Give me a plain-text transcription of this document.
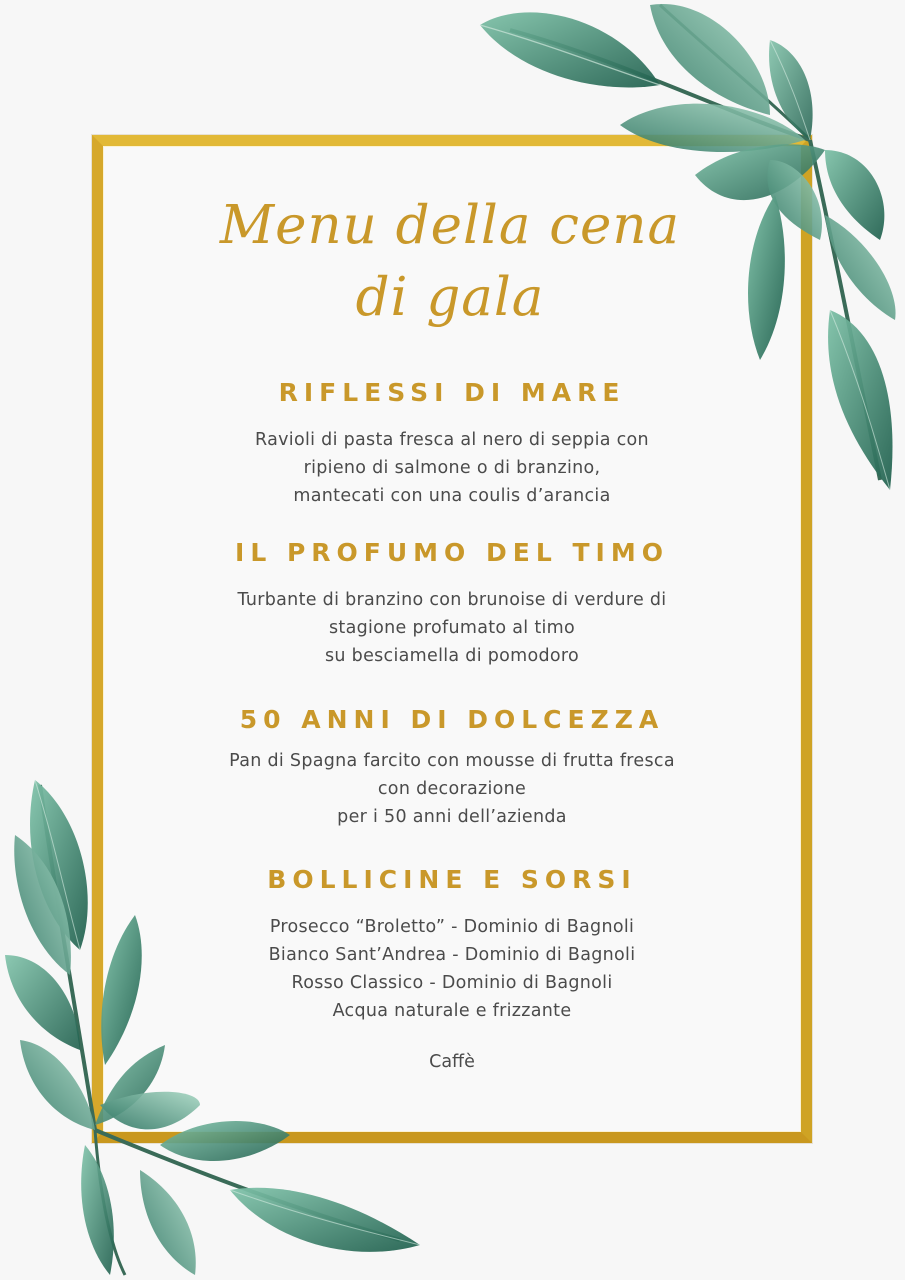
Menu della cena
di gala
RIFLESSI DI MARE
Ravioli di pasta fresca al nero di seppia con
ripieno di salmone o di branzino,
mantecati con una coulis d’arancia
IL PROFUMO DEL TIMO
Turbante di branzino con brunoise di verdure di
stagione profumato al timo
su besciamella di pomodoro
50 ANNI DI DOLCEZZA
Pan di Spagna farcito con mousse di frutta fresca
con decorazione
per i 50 anni dell’azienda
BOLLICINE E SORSI
Prosecco “Broletto” - Dominio di Bagnoli
Bianco Sant’Andrea - Dominio di Bagnoli
Rosso Classico - Dominio di Bagnoli
Acqua naturale e frizzante
Caffè
